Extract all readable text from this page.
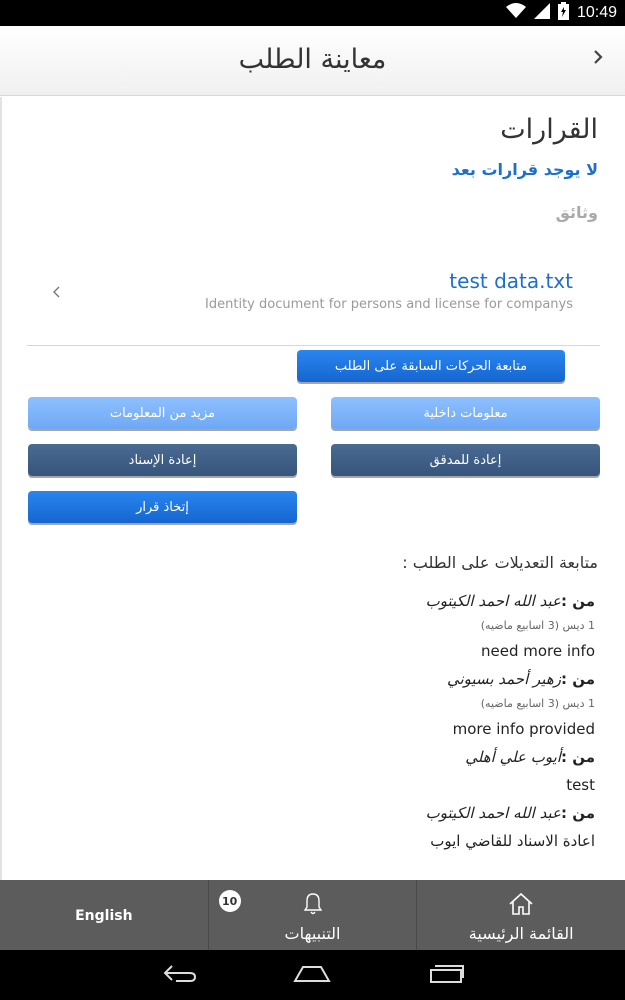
10:49
معاينة الطلب
القرارات
لا يوجد قرارات بعد
وثائق
test data.txt
Identity document for persons and license for companys
متابعة الحركات السابقة على الطلب
معلومات داخلية
مزيد من المعلومات
إعادة للمدقق
إعادة الإسناد
إتخاذ قرار
متابعة التعديلات على الطلب :
من :عبد الله احمد الكيتوب
1 ديس (3 اسابيع ماضيه)
need more info
من :زهير أحمد بسيوني
1 ديس (3 اسابيع ماضيه)
more info provided
من :أيوب علي أهلي
test
من :عبد الله احمد الكيتوب
اعادة الاسناد للقاضي ايوب
English
10
التنبيهات	القائمة الرئيسية
